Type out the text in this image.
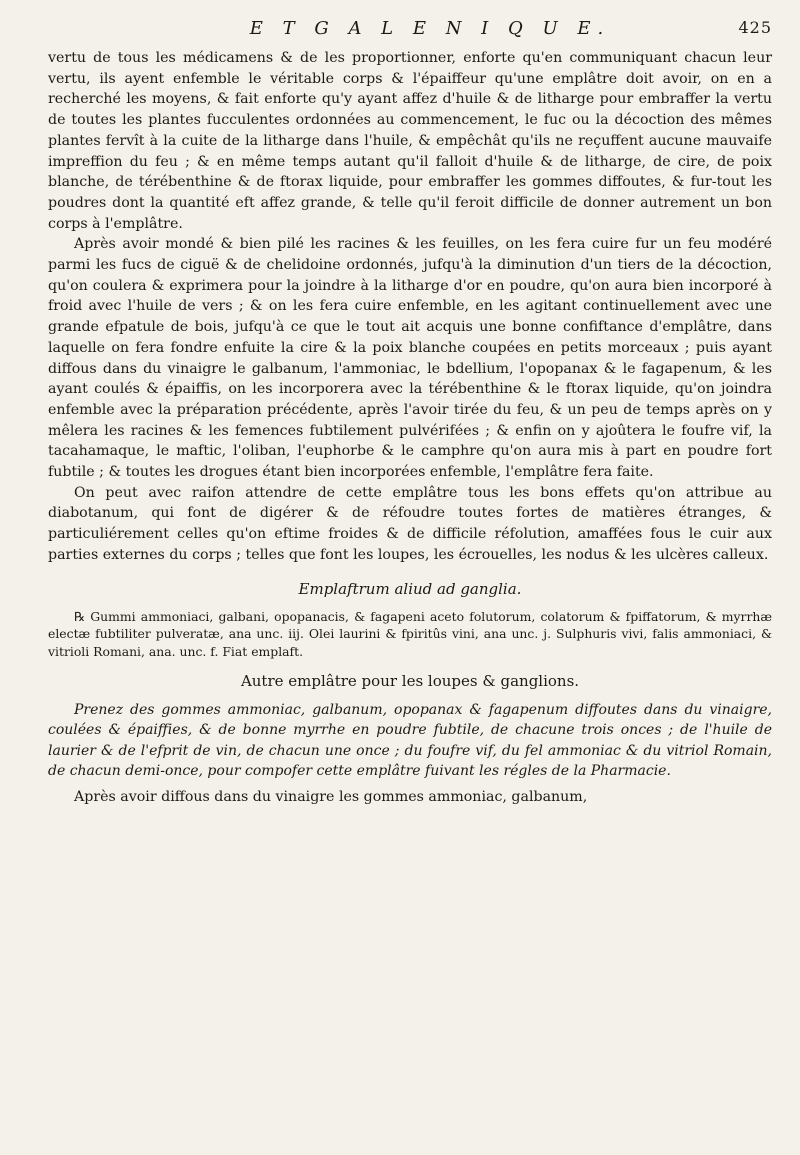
E T G A L E N I Q U E.	425

vertu de tous les médicamens & de les proportionner, enforte qu'en communiquant chacun leur vertu, ils ayent enfemble le véritable corps & l'épaiffeur qu'une emplâtre doit avoir, on en a recherché les moyens, & fait enforte qu'y ayant affez d'huile & de litharge pour embraffer la vertu de toutes les plantes fucculentes ordonnées au commencement, le fuc ou la décoction des mêmes plantes fervît à la cuite de la litharge dans l'huile, & empêchât qu'ils ne reçuffent aucune mauvaife impreffion du feu ; & en même temps autant qu'il falloit d'huile & de litharge, de cire, de poix blanche, de térébenthine & de ftorax liquide, pour embraffer les gommes diffoutes, & fur-tout les poudres dont la quantité eft affez grande, & telle qu'il feroit difficile de donner autrement un bon corps à l'emplâtre.

Après avoir mondé & bien pilé les racines & les feuilles, on les fera cuire fur un feu modéré parmi les fucs de ciguë & de chelidoine ordonnés, jufqu'à la diminution d'un tiers de la décoction, qu'on coulera & exprimera pour la joindre à la litharge d'or en poudre, qu'on aura bien incorporé à froid avec l'huile de vers ; & on les fera cuire enfemble, en les agitant continuellement avec une grande efpatule de bois, jufqu'à ce que le tout ait acquis une bonne confiftance d'emplâtre, dans laquelle on fera fondre enfuite la cire & la poix blanche coupées en petits morceaux ; puis ayant diffous dans du vinaigre le galbanum, l'ammoniac, le bdellium, l'opopanax & le fagapenum, & les ayant coulés & épaiffis, on les incorporera avec la térébenthine & le ftorax liquide, qu'on joindra enfemble avec la préparation précédente, après l'avoir tirée du feu, & un peu de temps après on y mêlera les racines & les femences fubtilement pulvérifées ; & enfin on y ajoûtera le foufre vif, la tacahamaque, le maftic, l'oliban, l'euphorbe & le camphre qu'on aura mis à part en poudre fort fubtile ; & toutes les drogues étant bien incorporées enfemble, l'emplâtre fera faite.

On peut avec raifon attendre de cette emplâtre tous les bons effets qu'on attribue au diabotanum, qui font de digérer & de réfoudre toutes fortes de matières étranges, & particuliérement celles qu'on eftime froides & de difficile réfolution, amaffées fous le cuir aux parties externes du corps ; telles que font les loupes, les écrouelles, les nodus & les ulcères calleux.

Emplaftrum aliud ad ganglia.
℞ Gummi ammoniaci, galbani, opopanacis, & fagapeni aceto folutorum, colatorum & fpiffatorum, & myrrhæ electæ fubtiliter pulveratæ, ana unc. iij. Olei laurini & fpiritûs vini, ana unc. j. Sulphuris vivi, falis ammoniaci, & vitrioli Romani, ana. unc. f. Fiat emplaft.
Autre emplâtre pour les loupes & ganglions.
Prenez des gommes ammoniac, galbanum, opopanax & fagapenum diffoutes dans du vinaigre, coulées & épaiffies, & de bonne myrrhe en poudre fubtile, de chacune trois onces ; de l'huile de laurier & de l'efprit de vin, de chacun une once ; du foufre vif, du fel ammoniac & du vitriol Romain, de chacun demi-once, pour compofer cette emplâtre fuivant les régles de la Pharmacie.
Après avoir diffous dans du vinaigre les gommes ammoniac, galbanum,
